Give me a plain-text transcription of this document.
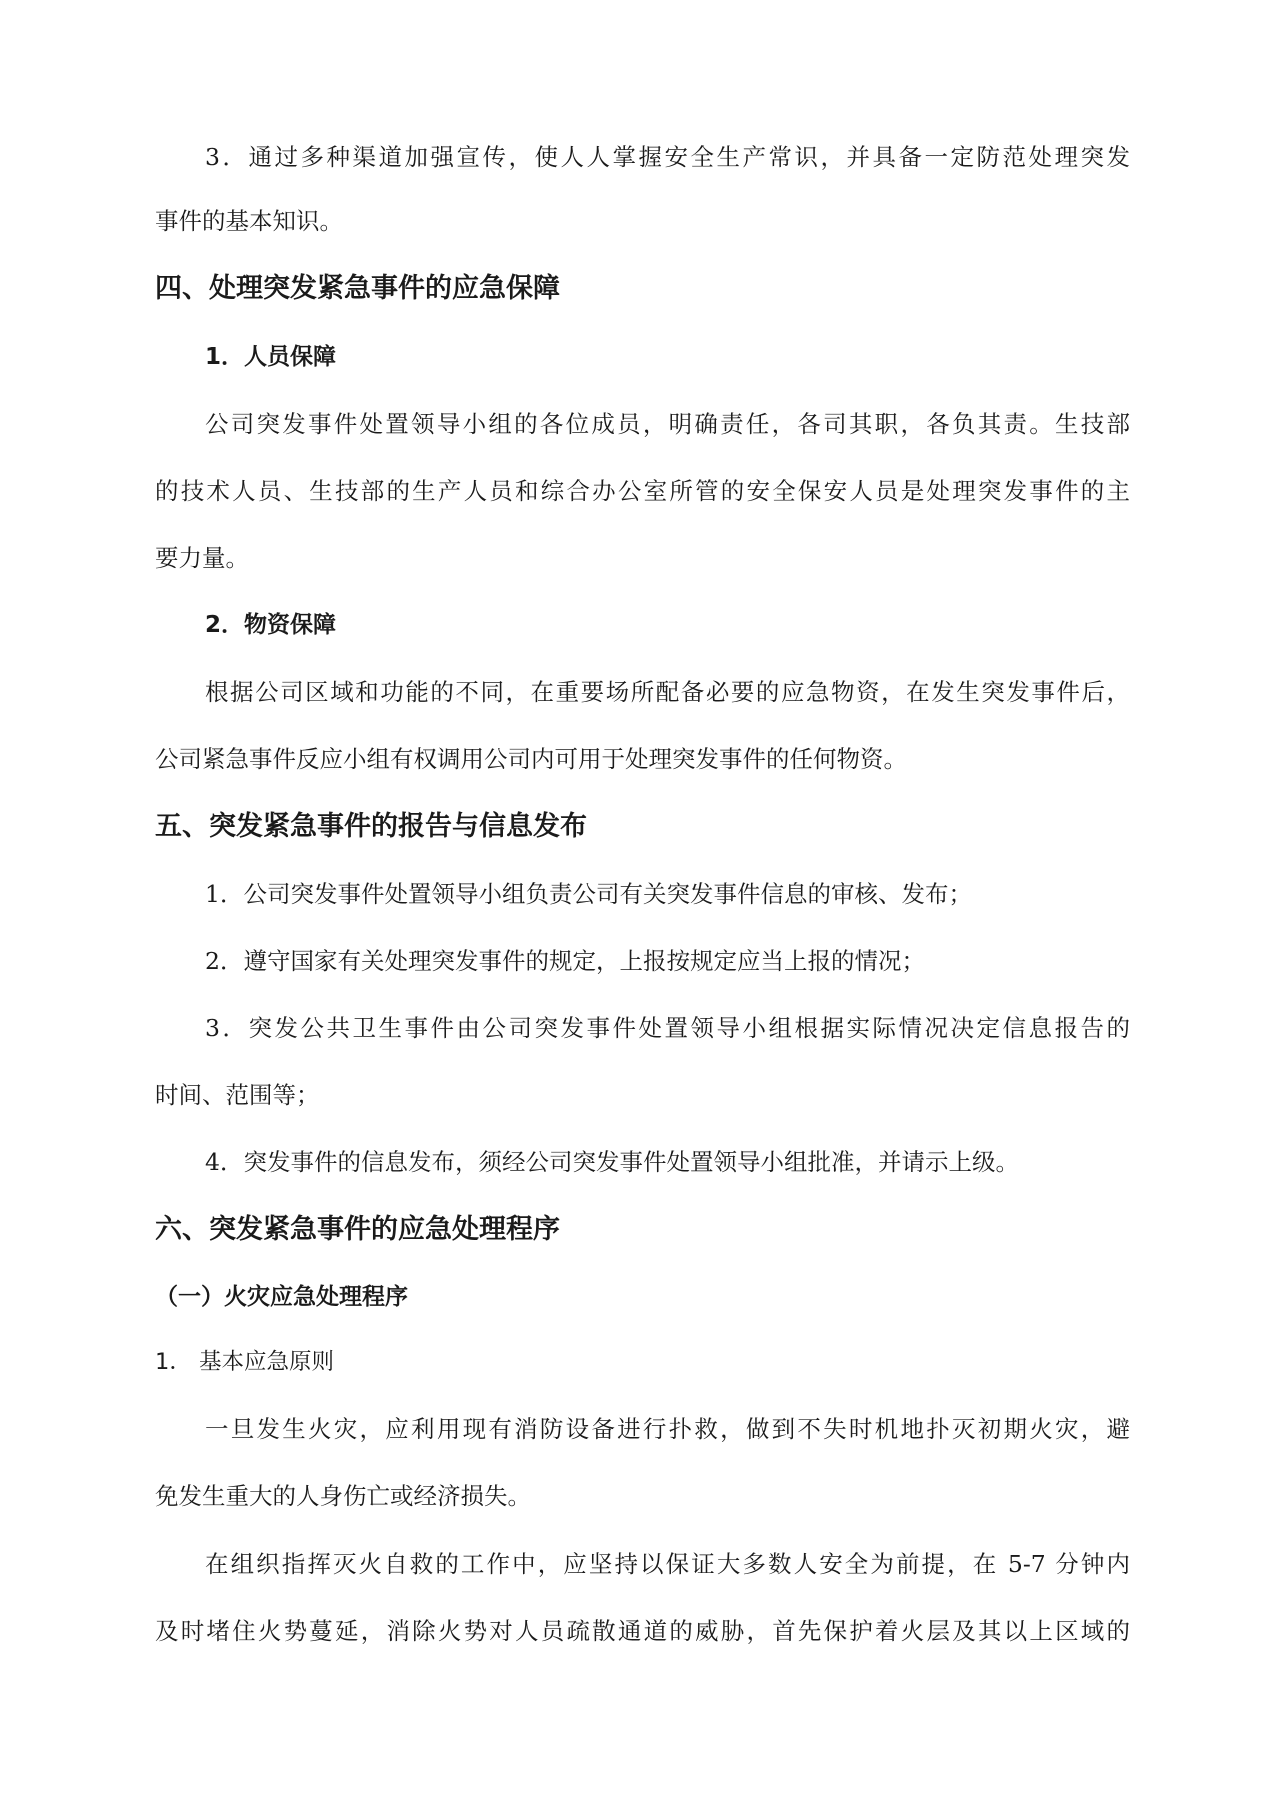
3．通过多种渠道加强宣传，使人人掌握安全生产常识，并具备一定防范处理突发
事件的基本知识。
四、处理突发紧急事件的应急保障
1．人员保障
公司突发事件处置领导小组的各位成员，明确责任，各司其职，各负其责。生技部
的技术人员、生技部的生产人员和综合办公室所管的安全保安人员是处理突发事件的主
要力量。
2．物资保障
根据公司区域和功能的不同，在重要场所配备必要的应急物资，在发生突发事件后，
公司紧急事件反应小组有权调用公司内可用于处理突发事件的任何物资。
五、突发紧急事件的报告与信息发布
1．公司突发事件处置领导小组负责公司有关突发事件信息的审核、发布；
2．遵守国家有关处理突发事件的规定，上报按规定应当上报的情况；
3．突发公共卫生事件由公司突发事件处置领导小组根据实际情况决定信息报告的
时间、范围等；
4．突发事件的信息发布，须经公司突发事件处置领导小组批准，并请示上级。
六、突发紧急事件的应急处理程序
（一）火灾应急处理程序
1． 基本应急原则
一旦发生火灾，应利用现有消防设备进行扑救，做到不失时机地扑灭初期火灾，避
免发生重大的人身伤亡或经济损失。
在组织指挥灭火自救的工作中，应坚持以保证大多数人安全为前提，在 5-7 分钟内
及时堵住火势蔓延，消除火势对人员疏散通道的威胁，首先保护着火层及其以上区域的
